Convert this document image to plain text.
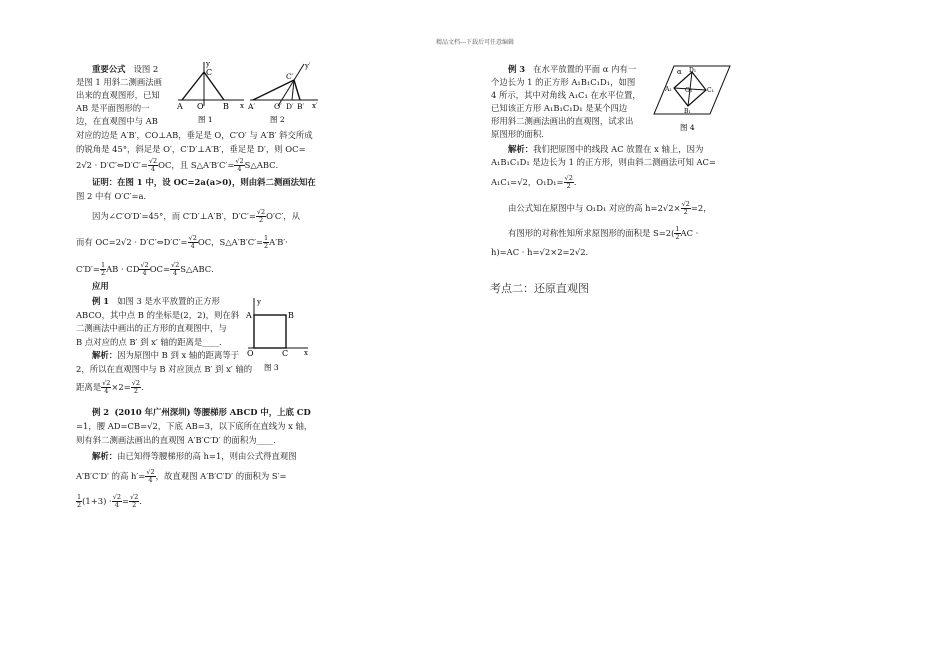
精品文档---下载后可任意编辑
重要公式 设图 2
是图 1 用斜二测画法画
出来的直观图形，已知
AB 是平面图形的一
边，在直观图中与 AB
对应的边是 A′B′，CO⊥AB，垂足是 O，C′O′ 与 A′B′ 斜交所成
的锐角是 45°，斜足是 O′，C′D′⊥A′B′，垂足是 D′，则 OC=
2√2 · D′C′⇔D′C′= $\frac{√2}{4}$ OC，且 S△A′B′C′= $\frac{√2}{4}$ S△ABC．
C
A O B x
y
图 1
C′
A′	O′ D′ B′ x′
y′
图 2
证明：在图 1 中，设 OC=2a(a>0)，则由斜二测画法知在
图 2 中有 O′C′=a．
因为∠C′O′D′=45°，而 C′D′⊥A′B′，$D'C'= \frac{√2}{2} O'C'$，从
而有 OC=2√2 · D′C′⇔D′C′= $\frac{√2}{4}$ OC，S△A′B′C′= $\frac{1}{2} A'B'\cdot$
$C'D'= \frac{1}{2}$ AB · CD $\frac{√2}{4} OC= \frac{√2}{4}$ S△ABC．
应用
例 1 如图 3 是水平放置的正方形
ABCO，其中点 B 的坐标是(2，2)，则在斜
二测画法中画出的正方形的直观图中，与
B 点对应的点 B′ 到 x′ 轴的距离是____．
解析：因为原图中 B 到 x 轴的距离等于
2，所以在直观图中与 B 对应顶点 B′ 到 x′ 轴的
距离是 $\frac{√2}{4} \times 2= \frac{√2}{2}$ ．
y
A	B
O	C x
图 3
例 2 (2010 年广州深圳) 等腰梯形 ABCD 中，上底 CD
=1，腰 AD=CB=√2，下底 AB=3，以下底所在直线为 x 轴，
则有斜二测画法画出的直观图 A′B′C′D′ 的面积为____．
解析：由已知得等腰梯形的高 h=1，则由公式得直观图
A′B′C′D′ 的高 $h'= \frac{√2}{4}$ ，故直观图 A′B′C′D′ 的面积为 S′=
$\frac{1}{2} (1+3) \cdot \frac{√2}{4} = \frac{√2}{2}$ ．
例 3 在水平放置的平面 α 内有一
个边长为 1 的正方形 A₁B₁C₁D₁，如图
4 所示，其中对角线 A₁C₁ 在水平位置，
已知该正方形 A₁B₁C₁D₁ 是某个四边
形用斜二测画法画出的直观图，试求出
原图形的面积．
解析：我们把原图中的线段 AC 放置在 x 轴上，因为
A₁B₁C₁D₁ 是边长为 1 的正方形，则由斜二测画法可知 AC=
A₁C₁=√2，$O_1D_1= \frac{√2}{2}$ ．
由公式知在原图中与 O₁D₁ 对应的高 $h=2√2\times \frac{√2}{2} =2$，
有图形的对称性知所求原图形的面积是 $S=2( \frac{1}{2}$ AC ·
h)=AC · h=√2×2=2√2．
α D₁
A₁ O₁ C₁
B₁
图 4
考点二：还原直观图
